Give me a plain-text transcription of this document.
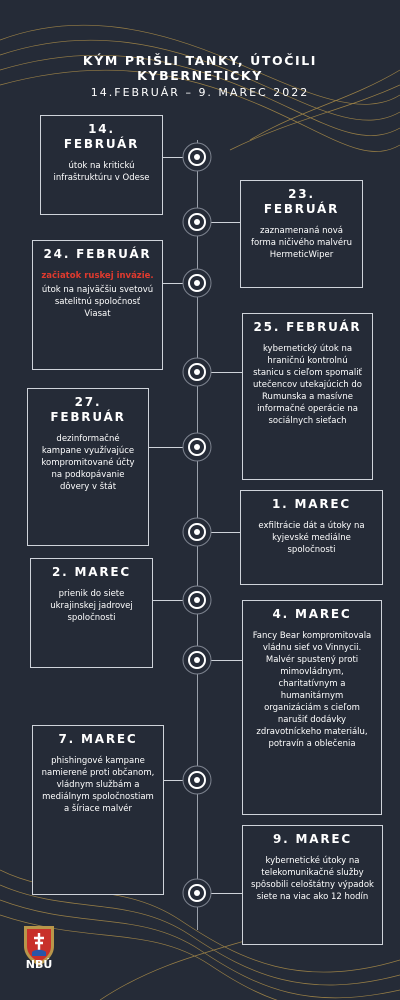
KÝM PRIŠLI TANKY, ÚTOČILI KYBERNETICKY
14.FEBRUÁR – 9. MAREC 2022
14. FEBRUÁR
útok na kritickú infraštruktúru v Odese
23. FEBRUÁR
zaznamenaná nová forma ničivého malvéru HermeticWiper
24. FEBRUÁR
začiatok ruskej invázie.
útok na najväčšiu svetovú satelitnú spoločnosť Viasat
25. FEBRUÁR
kybernetický útok na hraničnú kontrolnú stanicu s cieľom spomaliť utečencov utekajúcich do Rumunska a masívne informačné operácie na sociálnych sieťach
27. FEBRUÁR
dezinformačné kampane využívajúce kompromitované účty na podkopávanie dôvery v štát
1. MAREC
exfiltrácie dát a útoky na kyjevské mediálne spoločnosti
2. MAREC
prienik do siete ukrajinskej jadrovej spoločnosti	4. MAREC
Fancy Bear kompromitovala vládnu sieť vo Vinnycii. Malvér spustený proti mimovládnym, charitatívnym a humanitárnym organizáciám s cieľom narušiť dodávky zdravotníckeho materiálu, potravín a oblečenia
7. MAREC
phishingové kampane namierené proti občanom, vládnym službám a mediálnym spoločnostiam a šíriace malvér
9. MAREC
kybernetické útoky na telekomunikačné služby spôsobili celoštátny výpadok siete na viac ako 12 hodín
NBÚ
